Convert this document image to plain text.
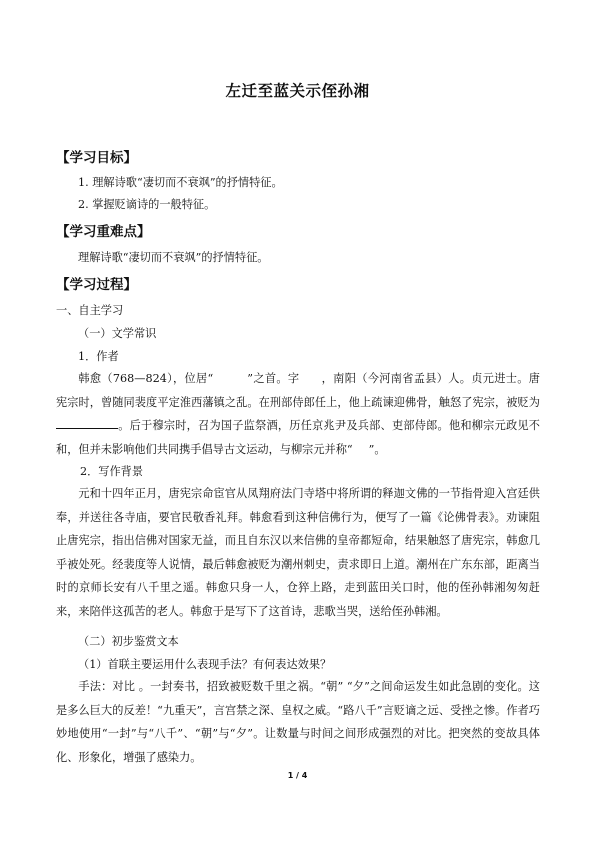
左迁至蓝关示侄孙湘
【学习目标】
1. 理解诗歌“凄切而不衰飒”的抒情特征。
2. 掌握贬谪诗的一般特征。
【学习重难点】
理解诗歌“凄切而不衰飒”的抒情特征。
【学习过程】
一、自主学习
（一）文学常识
1．作者

韩愈（768—824），位居“	”之首。字 ，南阳（今河南省孟县）人。贞元进士。唐宪宗时，曾随同裴度平定淮西藩镇之乱。在刑部侍郎任上，他上疏谏迎佛骨，触怒了宪宗，被贬为。后于穆宗时，召为国子监祭酒，历任京兆尹及兵部、吏部侍郎。他和柳宗元政见不和，但并未影响他们共同携手倡导古文运动，与柳宗元并称“ ”。

2．写作背景
元和十四年正月，唐宪宗命宦官从凤翔府法门寺塔中将所谓的释迦文佛的一节指骨迎入宫廷供奉，并送往各寺庙，要官民敬香礼拜。韩愈看到这种信佛行为，便写了一篇《论佛骨表》。劝谏阻止唐宪宗，指出信佛对国家无益，而且自东汉以来信佛的皇帝都短命，结果触怒了唐宪宗，韩愈几乎被处死。经裴度等人说情，最后韩愈被贬为潮州刺史，责求即日上道。潮州在广东东部，距离当时的京师长安有八千里之遥。韩愈只身一人，仓猝上路，走到蓝田关口时，他的侄孙韩湘匆匆赶来，来陪伴这孤苦的老人。韩愈于是写下了这首诗，悲歌当哭，送给侄孙韩湘。
（二）初步鉴赏文本
（1）首联主要运用什么表现手法？有何表达效果？
手法：对比 。一封奏书，招致被贬数千里之祸。“朝” “夕”之间命运发生如此急剧的变化。这是多么巨大的反差！“九重天”，言宫禁之深、皇权之威。“路八千”言贬谪之远、受挫之惨。作者巧妙地使用“一封”与“八千”、“朝”与“夕”。让数量与时间之间形成强烈的对比。把突然的变故具体化、形象化，增强了感染力。
1 / 4
